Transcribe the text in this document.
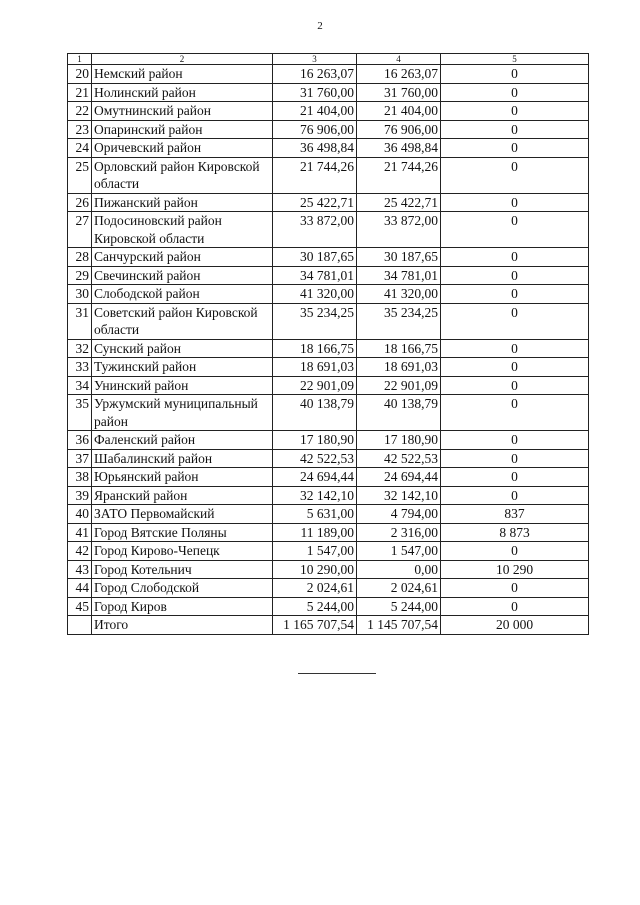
2
1	2	3	4	5
20	Немский район	16 263,07	16 263,07	0
21	Нолинский район	31 760,00	31 760,00	0
22	Омутнинский район	21 404,00	21 404,00	0
23	Опаринский район	76 906,00	76 906,00	0
24	Оричевский район	36 498,84	36 498,84	0
25	Орловский район Кировской области	21 744,26	21 744,26	0
26	Пижанский район	25 422,71	25 422,71	0
27	Подосиновский район Кировской области	33 872,00	33 872,00	0
28	Санчурский район	30 187,65	30 187,65	0
29	Свечинский район	34 781,01	34 781,01	0
30	Слободской район	41 320,00	41 320,00	0
31	Советский район Кировской области	35 234,25	35 234,25	0
32	Сунский район	18 166,75	18 166,75	0
33	Тужинский район	18 691,03	18 691,03	0
34	Унинский район	22 901,09	22 901,09	0
35	Уржумский муниципальный район	40 138,79	40 138,79	0
36	Фаленский район	17 180,90	17 180,90	0
37	Шабалинский район	42 522,53	42 522,53	0
38	Юрьянский район	24 694,44	24 694,44	0
39	Яранский район	32 142,10	32 142,10	0
40	ЗАТО Первомайский	5 631,00	4 794,00	837
41	Город Вятские Поляны	11 189,00	2 316,00	8 873
42	Город Кирово-Чепецк	1 547,00	1 547,00	0
43	Город Котельнич	10 290,00	0,00	10 290
44	Город Слободской	2 024,61	2 024,61	0
45	Город Киров	5 244,00	5 244,00	0
	Итого	1 165 707,54	1 145 707,54	20 000
